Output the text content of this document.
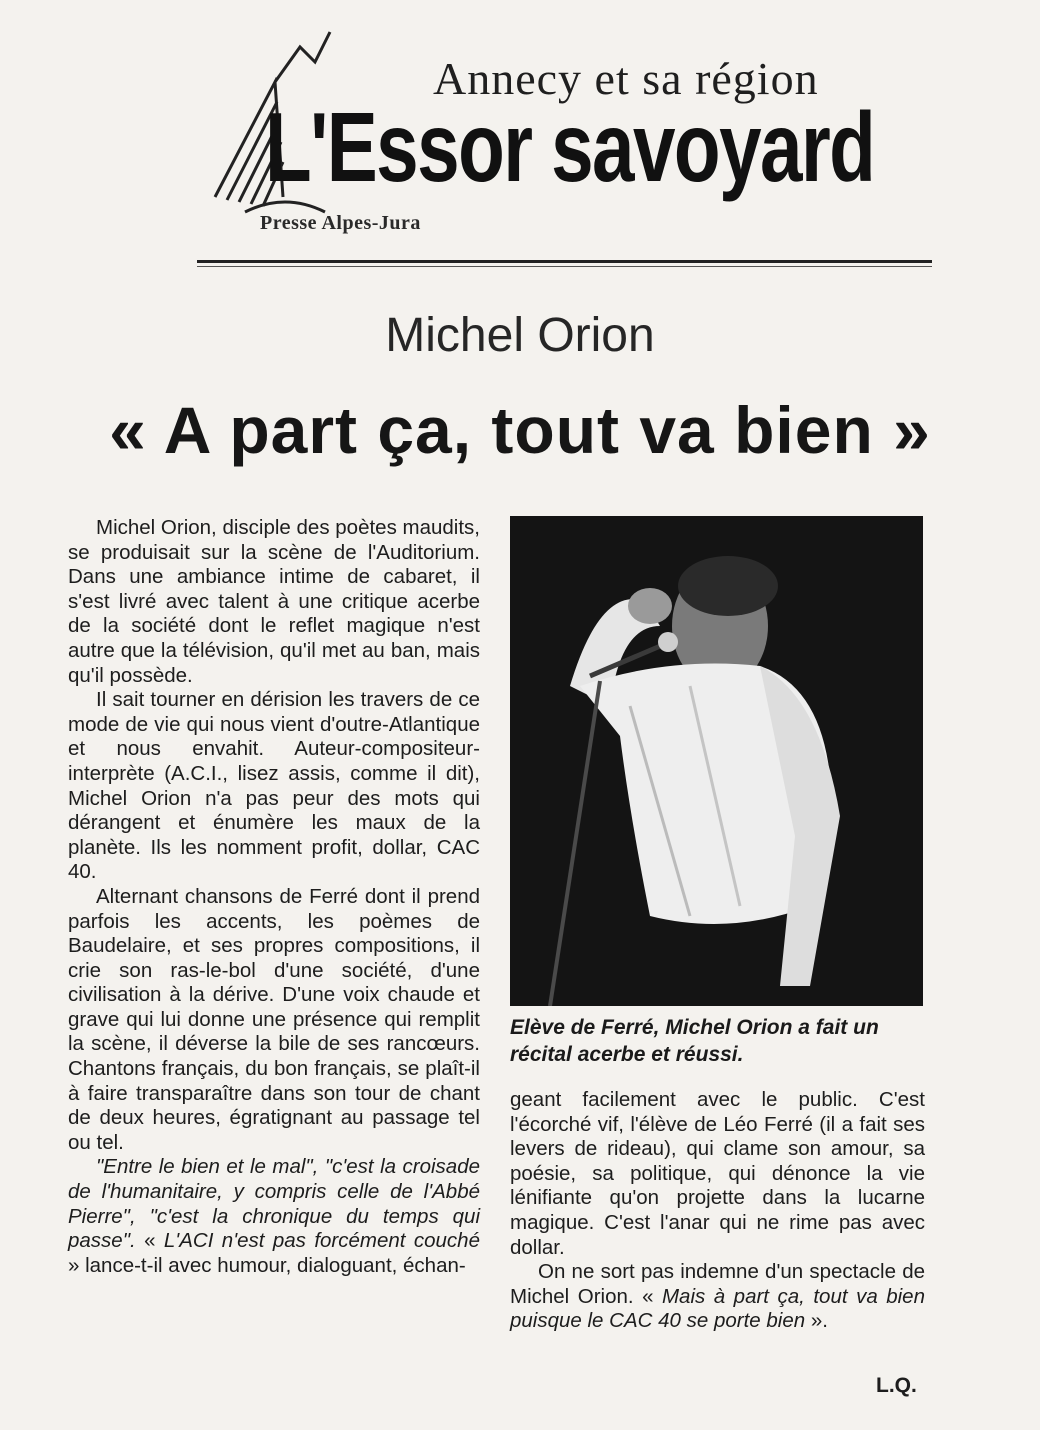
Annecy et sa région
L'Essor savoyard
Presse Alpes-Jura
Michel Orion
« A part ça, tout va bien »

Michel Orion, disciple des poètes maudits, se produisait sur la scène de l'Auditorium. Dans une ambiance intime de cabaret, il s'est livré avec talent à une critique acerbe de la société dont le reflet magique n'est autre que la télévision, qu'il met au ban, mais qu'il possède.

Il sait tourner en dérision les travers de ce mode de vie qui nous vient d'outre-Atlantique et nous envahit. Auteur-compositeur-interprète (A.C.I., lisez assis, comme il dit), Michel Orion n'a pas peur des mots qui dérangent et énumère les maux de la planète. Ils les nomment profit, dollar, CAC 40.

Alternant chansons de Ferré dont il prend parfois les accents, les poèmes de Baudelaire, et ses propres compositions, il crie son ras-le-bol d'une société, d'une civilisation à la dérive. D'une voix chaude et grave qui lui donne une présence qui remplit la scène, il déverse la bile de ses rancœurs. Chantons français, du bon français, se plaît-il à faire transparaître dans son tour de chant de deux heures, égratignant au passage tel ou tel.

"Entre le bien et le mal", "c'est la croisade de l'humanitaire, y compris celle de l'Abbé Pierre", "c'est la chronique du temps qui passe". « L'ACI n'est pas forcément couché » lance-t-il avec humour, dialoguant, échan-

Elève de Ferré, Michel Orion a fait un récital acerbe et réussi.

geant facilement avec le public. C'est l'écorché vif, l'élève de Léo Ferré (il a fait ses levers de rideau), qui clame son amour, sa poésie, sa politique, qui dénonce la vie lénifiante qu'on projette dans la lucarne magique. C'est l'anar qui ne rime pas avec dollar.

On ne sort pas indemne d'un spectacle de Michel Orion. « Mais à part ça, tout va bien puisque le CAC 40 se porte bien ».

L.Q.
